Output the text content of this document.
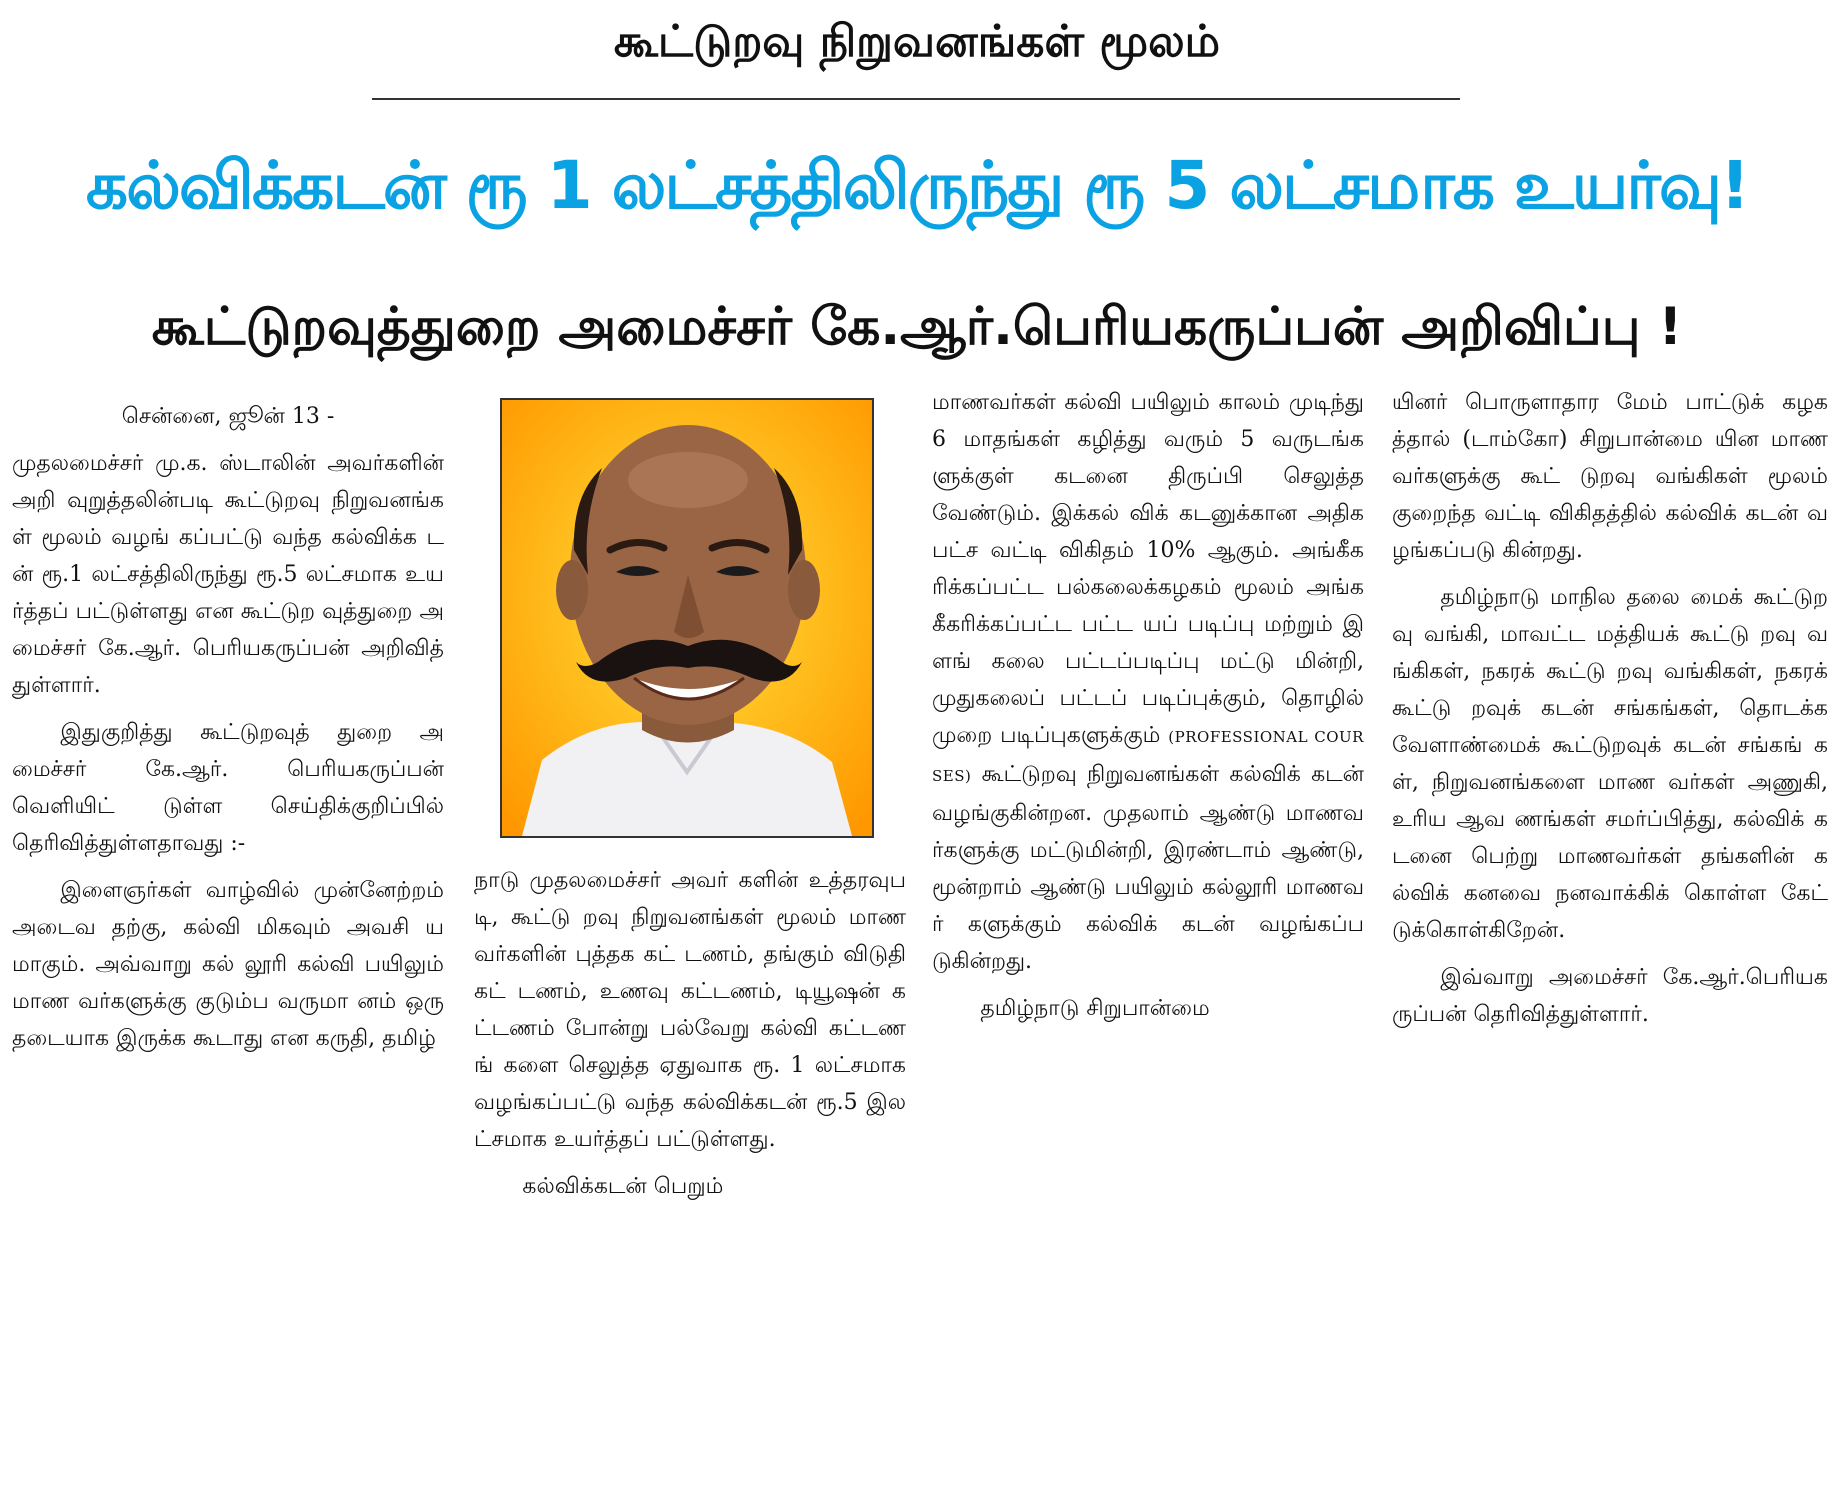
கூட்டுறவு நிறுவனங்கள் மூலம்
கல்விக்கடன் ரூ 1 லட்சத்திலிருந்து ரூ 5 லட்சமாக உயர்வு!
கூட்டுறவுத்துறை அமைச்சர் கே.ஆர்.பெரியகருப்பன் அறிவிப்பு !

சென்னை, ஜூன் 13 -

முதலமைச்சர் மு.க. ஸ்டாலின் அவர்களின் அறி வுறுத்தலின்படி கூட்டுறவு நிறுவனங்கள் மூலம் வழங் கப்பட்டு வந்த கல்விக்க டன் ரூ.1 லட்சத்திலிருந்து ரூ.5 லட்சமாக உயர்த்தப் பட்டுள்ளது என கூட்டுற வுத்துறை அமைச்சர் கே.ஆர். பெரியகருப்பன் அறிவித் துள்ளார்.

இதுகுறித்து கூட்டுறவுத் துறை அமைச்சர் கே.ஆர். பெரியகருப்பன் வெளியிட் டுள்ள செய்திக்குறிப்பில் தெரிவித்துள்ளதாவது :-

இளைஞர்கள் வாழ்வில் முன்னேற்றம் அடைவ தற்கு, கல்வி மிகவும் அவசி யமாகும். அவ்வாறு கல் லூரி கல்வி பயிலும் மாண வர்களுக்கு குடும்ப வருமா னம் ஒரு தடையாக இருக்க கூடாது என கருதி, தமிழ்

நாடு முதலமைச்சர் அவர் களின் உத்தரவுபடி, கூட்டு றவு நிறுவனங்கள் மூலம் மாண வர்களின் புத்தக கட் டணம், தங்கும் விடுதி கட் டணம், உணவு கட்டணம், டியூஷன் கட்டணம் போன்று பல்வேறு கல்வி கட்டணங் களை செலுத்த ஏதுவாக ரூ. 1 லட்சமாக வழங்கப்பட்டு வந்த கல்விக்கடன் ரூ.5 இலட்சமாக உயர்த்தப் பட்டுள்ளது.

கல்விக்கடன் பெறும்

மாணவர்கள் கல்வி பயிலும் காலம் முடிந்து 6 மாதங்கள் கழித்து வரும் 5 வருடங்க ளுக்குள் கடனை திருப்பி செலுத்த வேண்டும். இக்கல் விக் கடனுக்கான அதிக பட்ச வட்டி விகிதம் 10% ஆகும். அங்கீகரிக்கப்பட்ட பல்கலைக்கழகம் மூலம் அங்ககீகரிக்கப்பட்ட பட்ட யப் படிப்பு மற்றும் இளங் கலை பட்டப்படிப்பு மட்டு மின்றி, முதுகலைப் பட்டப் படிப்புக்கும், தொழில் முறை படிப்புகளுக்கும் (PROFESSIONAL COURSES) கூட்டுறவு நிறுவனங்கள் கல்விக் கடன் வழங்குகின்றன. முதலாம் ஆண்டு மாணவர்களுக்கு மட்டுமின்றி, இரண்டாம் ஆண்டு, மூன்றாம் ஆண்டு பயிலும் கல்லூரி மாணவர் களுக்கும் கல்விக் கடன் வழங்கப்படுகின்றது.

தமிழ்நாடு சிறுபான்மை

யினர் பொருளாதார மேம் பாட்டுக் கழகத்தால் (டாம்கோ) சிறுபான்மை யின மாணவர்களுக்கு கூட் டுறவு வங்கிகள் மூலம் குறைந்த வட்டி விகிதத்தில் கல்விக் கடன் வழங்கப்படு கின்றது.

தமிழ்நாடு மாநில தலை மைக் கூட்டுறவு வங்கி, மாவட்ட மத்தியக் கூட்டு றவு வங்கிகள், நகரக் கூட்டு றவு வங்கிகள், நகரக் கூட்டு றவுக் கடன் சங்கங்கள், தொடக்க வேளாண்மைக் கூட்டுறவுக் கடன் சங்கங் கள், நிறுவனங்களை மாண வர்கள் அணுகி, உரிய ஆவ ணங்கள் சமர்ப்பித்து, கல்விக் கடனை பெற்று மாணவர்கள் தங்களின் கல்விக் கனவை நனவாக்கிக் கொள்ள கேட் டுக்கொள்கிறேன்.

இவ்வாறு அமைச்சர் கே.ஆர்.பெரியகருப்பன் தெரிவித்துள்ளார்.
